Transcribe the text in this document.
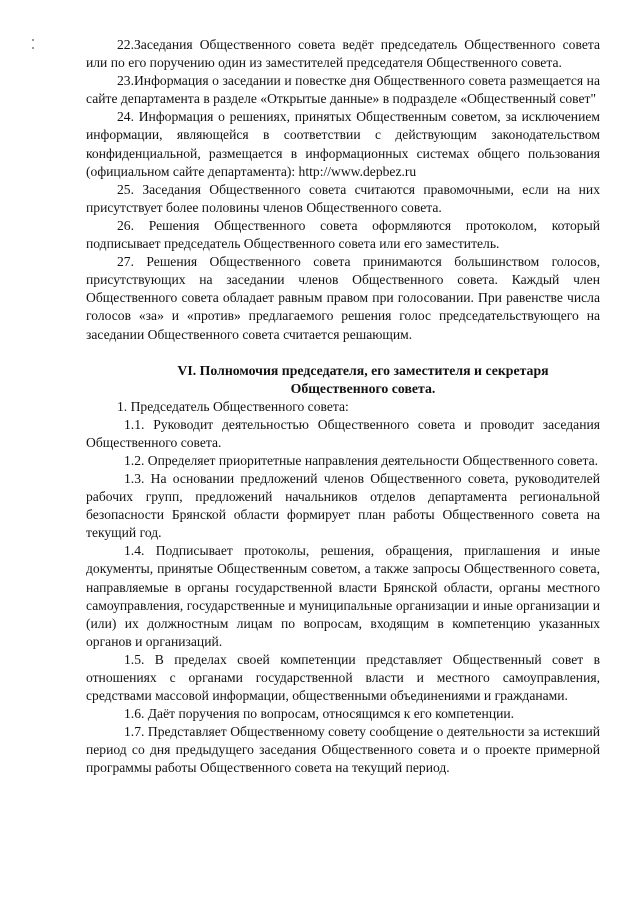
22.Заседания Общественного совета ведёт председатель Общественного совета или по его поручению один из заместителей председателя Общественного совета.

23.Информация о заседании и повестке дня Общественного совета размещается на сайте департамента в разделе «Открытые данные» в подразделе «Общественный совет"

24. Информация о решениях, принятых Общественным советом, за исключением информации, являющейся в соответствии с действующим законодательством конфиденциальной, размещается в информационных системах общего пользования (официальном сайте департамента): http://www.depbez.ru

25. Заседания Общественного совета считаются правомочными, если на них присутствует более половины членов Общественного совета.

26. Решения Общественного совета оформляются протоколом, который подписывает председатель Общественного совета или его заместитель.

27. Решения Общественного совета принимаются большинством голосов, присутствующих на заседании членов Общественного совета. Каждый член Общественного совета обладает равным правом при голосовании. При равенстве числа голосов «за» и «против» предлагаемого решения голос председательствующего на заседании Общественного совета считается решающим.

VI. Полномочия председателя, его заместителя и секретаря

Общественного совета.

1. Председатель Общественного совета:

1.1. Руководит деятельностью Общественного совета и проводит заседания Общественного совета.

1.2. Определяет приоритетные направления деятельности Общественного совета.

1.3. На основании предложений членов Общественного совета, руководителей рабочих групп, предложений начальников отделов департамента региональной безопасности Брянской области формирует план работы Общественного совета на текущий год.

1.4. Подписывает протоколы, решения, обращения, приглашения и иные документы, принятые Общественным советом, а также запросы Общественного совета, направляемые в органы государственной власти Брянской области, органы местного самоуправления, государственные и муниципальные организации и иные организации и (или) их должностным лицам по вопросам, входящим в компетенцию указанных органов и организаций.

1.5. В пределах своей компетенции представляет Общественный совет в отношениях с органами государственной власти и местного самоуправления, средствами массовой информации, общественными объединениями и гражданами.

1.6. Даёт поручения по вопросам, относящимся к его компетенции.

1.7. Представляет Общественному совету сообщение о деятельности за истекший период со дня предыдущего заседания Общественного совета и о проекте примерной программы работы Общественного совета на текущий период.
